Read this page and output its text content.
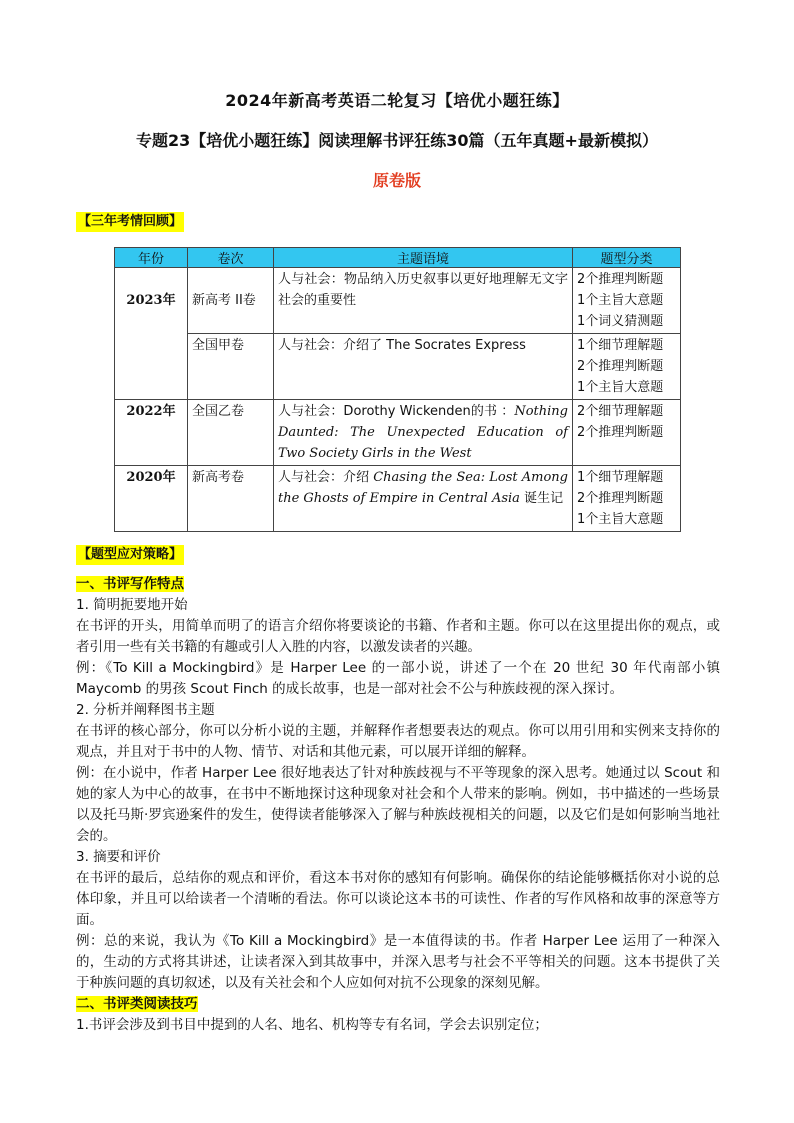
2024年新高考英语二轮复习【培优小题狂练】
专题23【培优小题狂练】阅读理解书评狂练30篇（五年真题+最新模拟）
原卷版
【三年考情回顾】
年份	卷次	主题语境	题型分类
2023年	新高考 II卷	人与社会：物品纳入历史叙事以更好地理解无文字社会的重要性	2个推理判断题
1个主旨大意题
1个词义猜测题

	全国甲卷	人与社会：介绍了 The Socrates Express	1个细节理解题
2个推理判断题
1个主旨大意题

2022年	全国乙卷	人与社会：Dorothy Wickenden的书 ：Nothing Daunted: The Unexpected Education of Two Society Girls in the West	2个细节理解题
2个推理判断题

2020年	新高考卷	人与社会：介绍 Chasing the Sea: Lost Among the Ghosts of Empire in Central Asia 诞生记	1个细节理解题
2个推理判断题
1个主旨大意题
【题型应对策略】

一、书评写作特点

1. 简明扼要地开始

在书评的开头，用简单而明了的语言介绍你将要谈论的书籍、作者和主题。你可以在这里提出你的观点，或者引用一些有关书籍的有趣或引人入胜的内容，以激发读者的兴趣。

例：《To Kill a Mockingbird》是 Harper Lee 的一部小说，讲述了一个在 20 世纪 30 年代南部小镇 Maycomb 的男孩 Scout Finch 的成长故事，也是一部对社会不公与种族歧视的深入探讨。

2. 分析并阐释图书主题

在书评的核心部分，你可以分析小说的主题，并解释作者想要表达的观点。你可以用引用和实例来支持你的观点，并且对于书中的人物、情节、对话和其他元素，可以展开详细的解释。

例：在小说中，作者 Harper Lee 很好地表达了针对种族歧视与不平等现象的深入思考。她通过以 Scout 和她的家人为中心的故事，在书中不断地探讨这种现象对社会和个人带来的影响。例如，书中描述的一些场景以及托马斯·罗宾逊案件的发生，使得读者能够深入了解与种族歧视相关的问题，以及它们是如何影响当地社会的。

3. 摘要和评价

在书评的最后，总结你的观点和评价，看这本书对你的感知有何影响。确保你的结论能够概括你对小说的总体印象，并且可以给读者一个清晰的看法。你可以谈论这本书的可读性、作者的写作风格和故事的深意等方面。

例：总的来说，我认为《To Kill a Mockingbird》是一本值得读的书。作者 Harper Lee 运用了一种深入的，生动的方式将其讲述，让读者深入到其故事中，并深入思考与社会不平等相关的问题。这本书提供了关于种族问题的真切叙述，以及有关社会和个人应如何对抗不公现象的深刻见解。

二、书评类阅读技巧

1.书评会涉及到书目中提到的人名、地名、机构等专有名词，学会去识别定位；
